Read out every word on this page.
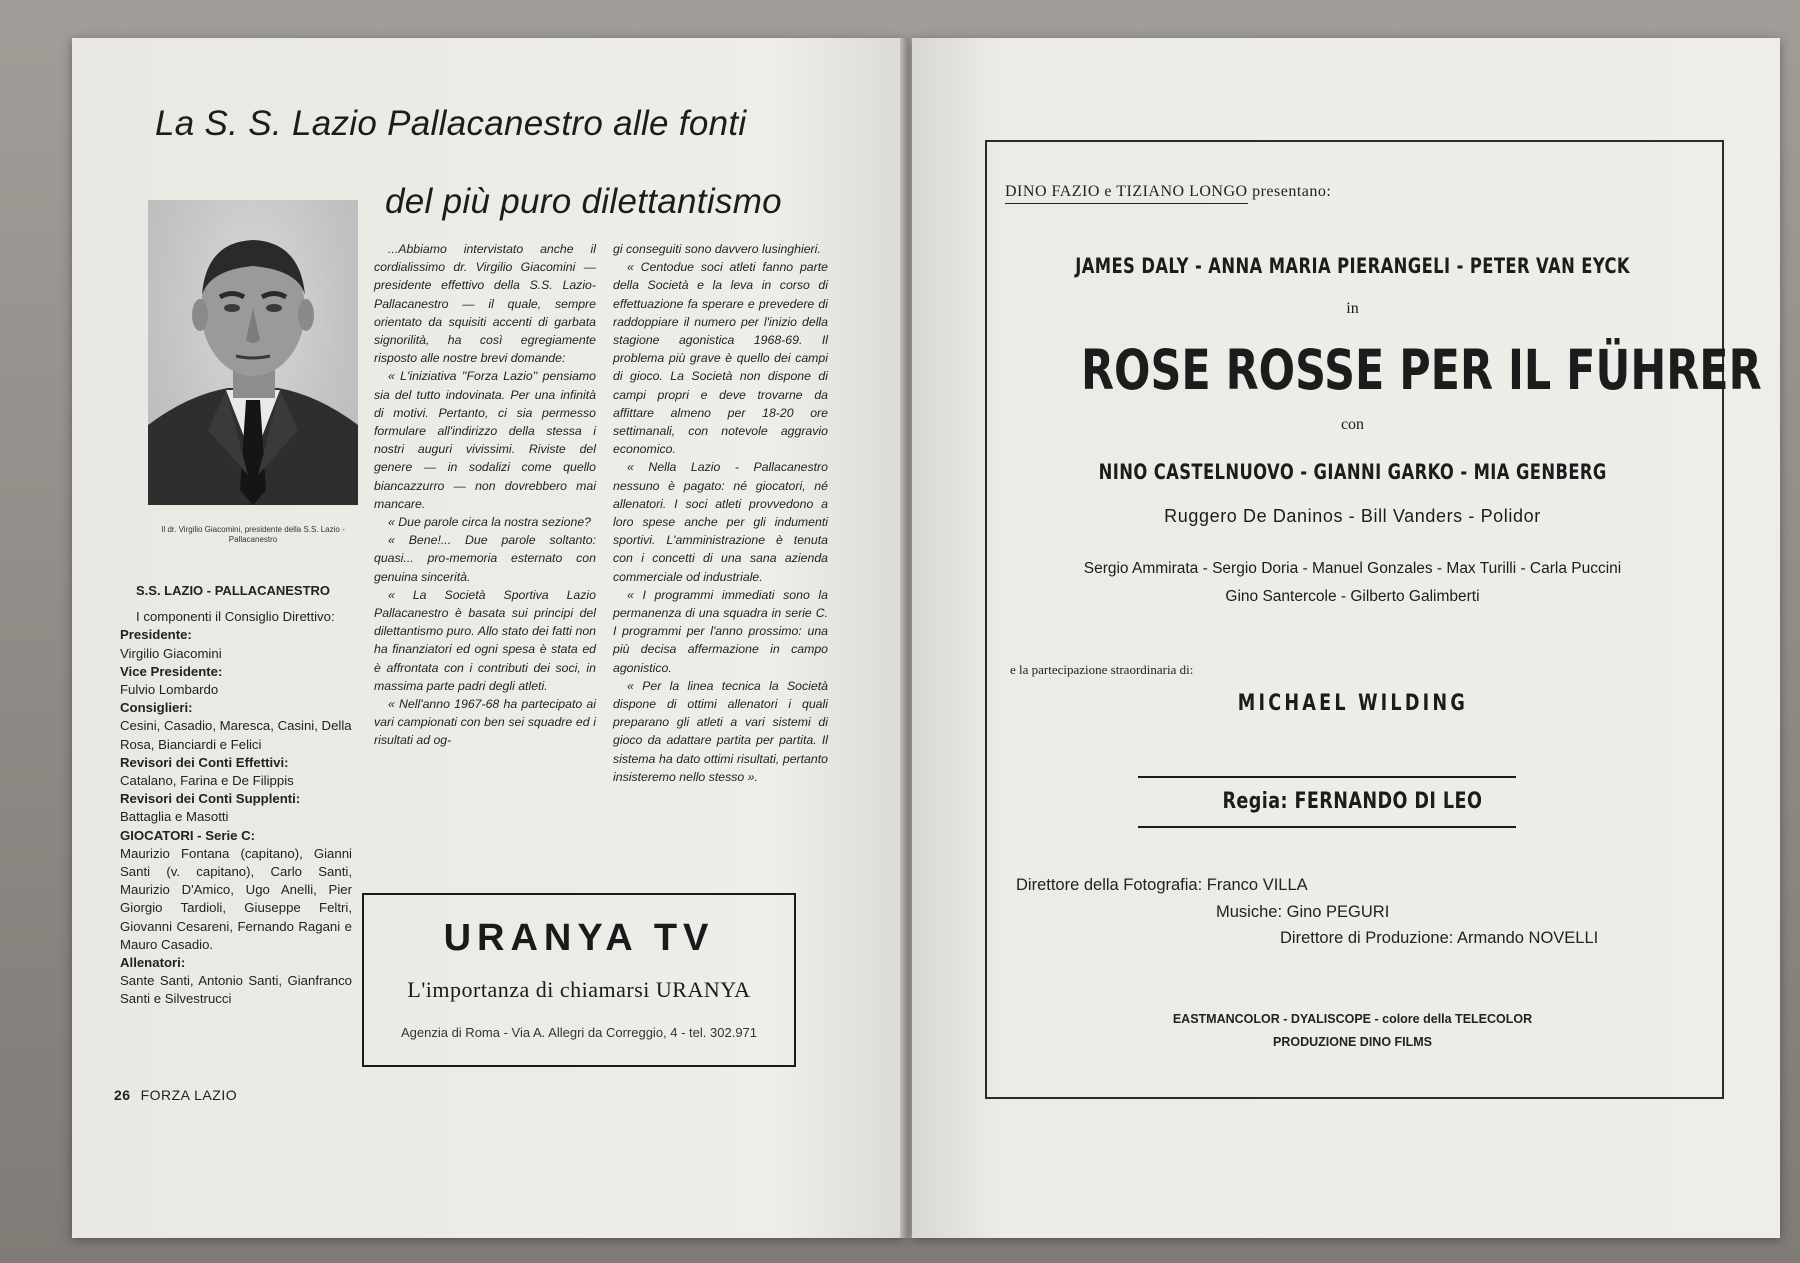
La S. S. Lazio Pallacanestro alle fonti
del più puro dilettantismo
Il dr. Virgilio Giacomini, presidente della S.S. Lazio - Pallacanestro

...Abbiamo intervistato anche il cordialissimo dr. Virgilio Giacomini — presidente effettivo della S.S. Lazio-Pallacanestro — il quale, sempre orientato da squisiti accenti di garbata signorilità, ha così egregiamente risposto alle nostre brevi domande:

« L'iniziativa ''Forza Lazio'' pensiamo sia del tutto indovinata. Per una infinità di motivi. Pertanto, ci sia permesso formulare all'indirizzo della stessa i nostri auguri vivissimi. Riviste del genere — in sodalizi come quello biancazzurro — non dovrebbero mai mancare.

« Due parole circa la nostra sezione?

« Bene!... Due parole soltanto: quasi... pro-memoria esternato con genuina sincerità.

« La Società Sportiva Lazio Pallacanestro è basata sui principi del dilettantismo puro. Allo stato dei fatti non ha finanziatori ed ogni spesa è stata ed è affrontata con i contributi dei soci, in massima parte padri degli atleti.

« Nell'anno 1967-68 ha partecipato ai vari campionati con ben sei squadre ed i risultati ad og-

gi conseguiti sono davvero lusinghieri.

« Centodue soci atleti fanno parte della Società e la leva in corso di effettuazione fa sperare e prevedere di raddoppiare il numero per l'inizio della stagione agonistica 1968-69. Il problema più grave è quello dei campi di gioco. La Società non dispone di campi propri e deve trovarne da affittare almeno per 18-20 ore settimanali, con notevole aggravio economico.

« Nella Lazio - Pallacanestro nessuno è pagato: né giocatori, né allenatori. I soci atleti provvedono a loro spese anche per gli indumenti sportivi. L'amministrazione è tenuta con i concetti di una sana azienda commerciale od industriale.

« I programmi immediati sono la permanenza di una squadra in serie C. I programmi per l'anno prossimo: una più decisa affermazione in campo agonistico.

« Per la linea tecnica la Società dispone di ottimi allenatori i quali preparano gli atleti a vari sistemi di gioco da adattare partita per partita. Il sistema ha dato ottimi risultati, pertanto insisteremo nello stesso ».

S.S. LAZIO - PALLACANESTRO
I componenti il Consiglio Direttivo:
Presidente:
Virgilio Giacomini
Vice Presidente:
Fulvio Lombardo
Consiglieri:
Cesini, Casadio, Maresca, Casini, Della Rosa, Bianciardi e Felici
Revisori dei Conti Effettivi:
Catalano, Farina e De Filippis
Revisori dei Conti Supplenti:
Battaglia e Masotti
GIOCATORI - Serie C:
Maurizio Fontana (capitano), Gianni Santi (v. capitano), Carlo Santi, Maurizio D'Amico, Ugo Anelli, Pier Giorgio Tardioli, Giuseppe Feltri, Giovanni Cesareni, Fernando Ragani e Mauro Casadio.
Allenatori:
Sante Santi, Antonio Santi, Gianfranco Santi e Silvestrucci
URANYA TV
L'importanza di chiamarsi URANYA
Agenzia di Roma - Via A. Allegri da Correggio, 4 - tel. 302.971
26 FORZA LAZIO
DINO FAZIO e TIZIANO LONGO presentano:
JAMES DALY - ANNA MARIA PIERANGELI - PETER VAN EYCK
in
ROSE ROSSE PER IL FÜHRER
con
NINO CASTELNUOVO - GIANNI GARKO - MIA GENBERG
Ruggero De Daninos - Bill Vanders - Polidor
Sergio Ammirata - Sergio Doria - Manuel Gonzales - Max Turilli - Carla Puccini
Gino Santercole - Gilberto Galimberti
e la partecipazione straordinaria di:
MICHAEL WILDING
Regia: FERNANDO DI LEO
Direttore della Fotografia: Franco VILLA
Musiche: Gino PEGURI
Direttore di Produzione: Armando NOVELLI
EASTMANCOLOR - DYALISCOPE - colore della TELECOLOR
PRODUZIONE DINO FILMS
